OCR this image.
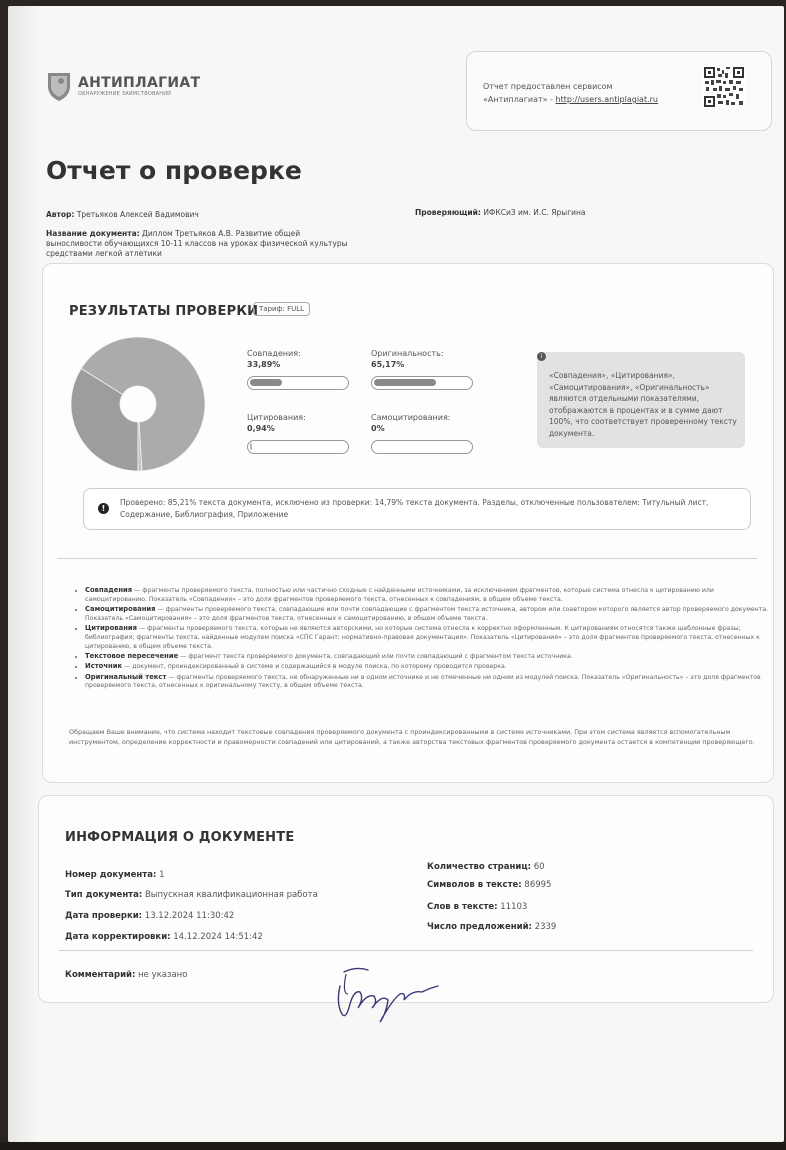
АНТИПЛАГИАТ
ОБНАРУЖЕНИЕ ЗАИМСТВОВАНИЙ
Отчет предоставлен сервисом
«Антиплагиат» - http://users.antiplagiat.ru
Отчет о проверке
Автор: Третьяков Алексей Вадимович	Проверяющий: ИФКСиЗ им. И.С. Ярыгина
Название документа: Диплом Третьяков А.В. Развитие общей выносливости обучающихся 10-11 классов на уроках физической культуры средствами легкой атлетики
РЕЗУЛЬТАТЫ ПРОВЕРКИ Тариф: FULL
Совпадения:
33,89%
Оригинальность:
65,17%
Цитирования:
0,94%
Самоцитирования:
0%
«Совпадения», «Цитирования», «Самоцитирования», «Оригинальность» являются отдельными показателями, отображаются в процентах и в сумме дают 100%, что соответствует проверенному тексту документа.
i
!
Проверено: 85,21% текста документа, исключено из проверки: 14,79% текста документа. Разделы, отключенные пользователем: Титульный лист, Содержание, Библиография, Приложение
• Совпадения — фрагменты проверяемого текста, полностью или частично сходные с найденными источниками, за исключением фрагментов, которые система отнесла к цитированию или самоцитированию. Показатель «Совпадения» – это доля фрагментов проверяемого текста, отнесенных к совпадениям, в общем объеме текста.
• Самоцитирования — фрагменты проверяемого текста, совпадающие или почти совпадающие с фрагментом текста источника, автором или соавтором которого является автор проверяемого документа. Показатель «Самоцитирования» – это доля фрагментов текста, отнесенных к самоцитированию, в общем объеме текста.
• Цитирования — фрагменты проверяемого текста, которые не являются авторскими, но которые система отнесла к корректно оформленным. К цитированиям относятся также шаблонные фразы; библиография; фрагменты текста, найденные модулем поиска «СПС Гарант: нормативно-правовая документация». Показатель «Цитирования» – это доля фрагментов проверяемого текста, отнесенных к цитированию, в общем объеме текста.
• Текстовое пересечение — фрагмент текста проверяемого документа, совпадающий или почти совпадающий с фрагментом текста источника.
• Источник — документ, проиндексированный в системе и содержащийся в модуле поиска, по которому проводится проверка.
• Оригинальный текст — фрагменты проверяемого текста, не обнаруженные ни в одном источнике и не отмеченные ни одним из модулей поиска. Показатель «Оригинальность» – это доля фрагментов проверяемого текста, отнесенных к оригинальному тексту, в общем объеме текста.
Обращаем Ваше внимание, что система находит текстовые совпадения проверяемого документа с проиндексированными в системе источниками. При этом система является вспомогательным инструментом, определение корректности и правомерности совпадений или цитирований, а также авторства текстовых фрагментов проверяемого документа остается в компетенции проверяющего.
ИНФОРМАЦИЯ О ДОКУМЕНТЕ
Номер документа: 1
Тип документа: Выпускная квалификационная работа
Дата проверки: 13.12.2024 11:30:42
Дата корректировки: 14.12.2024 14:51:42
Количество страниц: 60
Символов в тексте: 86995
Слов в тексте: 11103
Число предложений: 2339
Комментарий: не указано
